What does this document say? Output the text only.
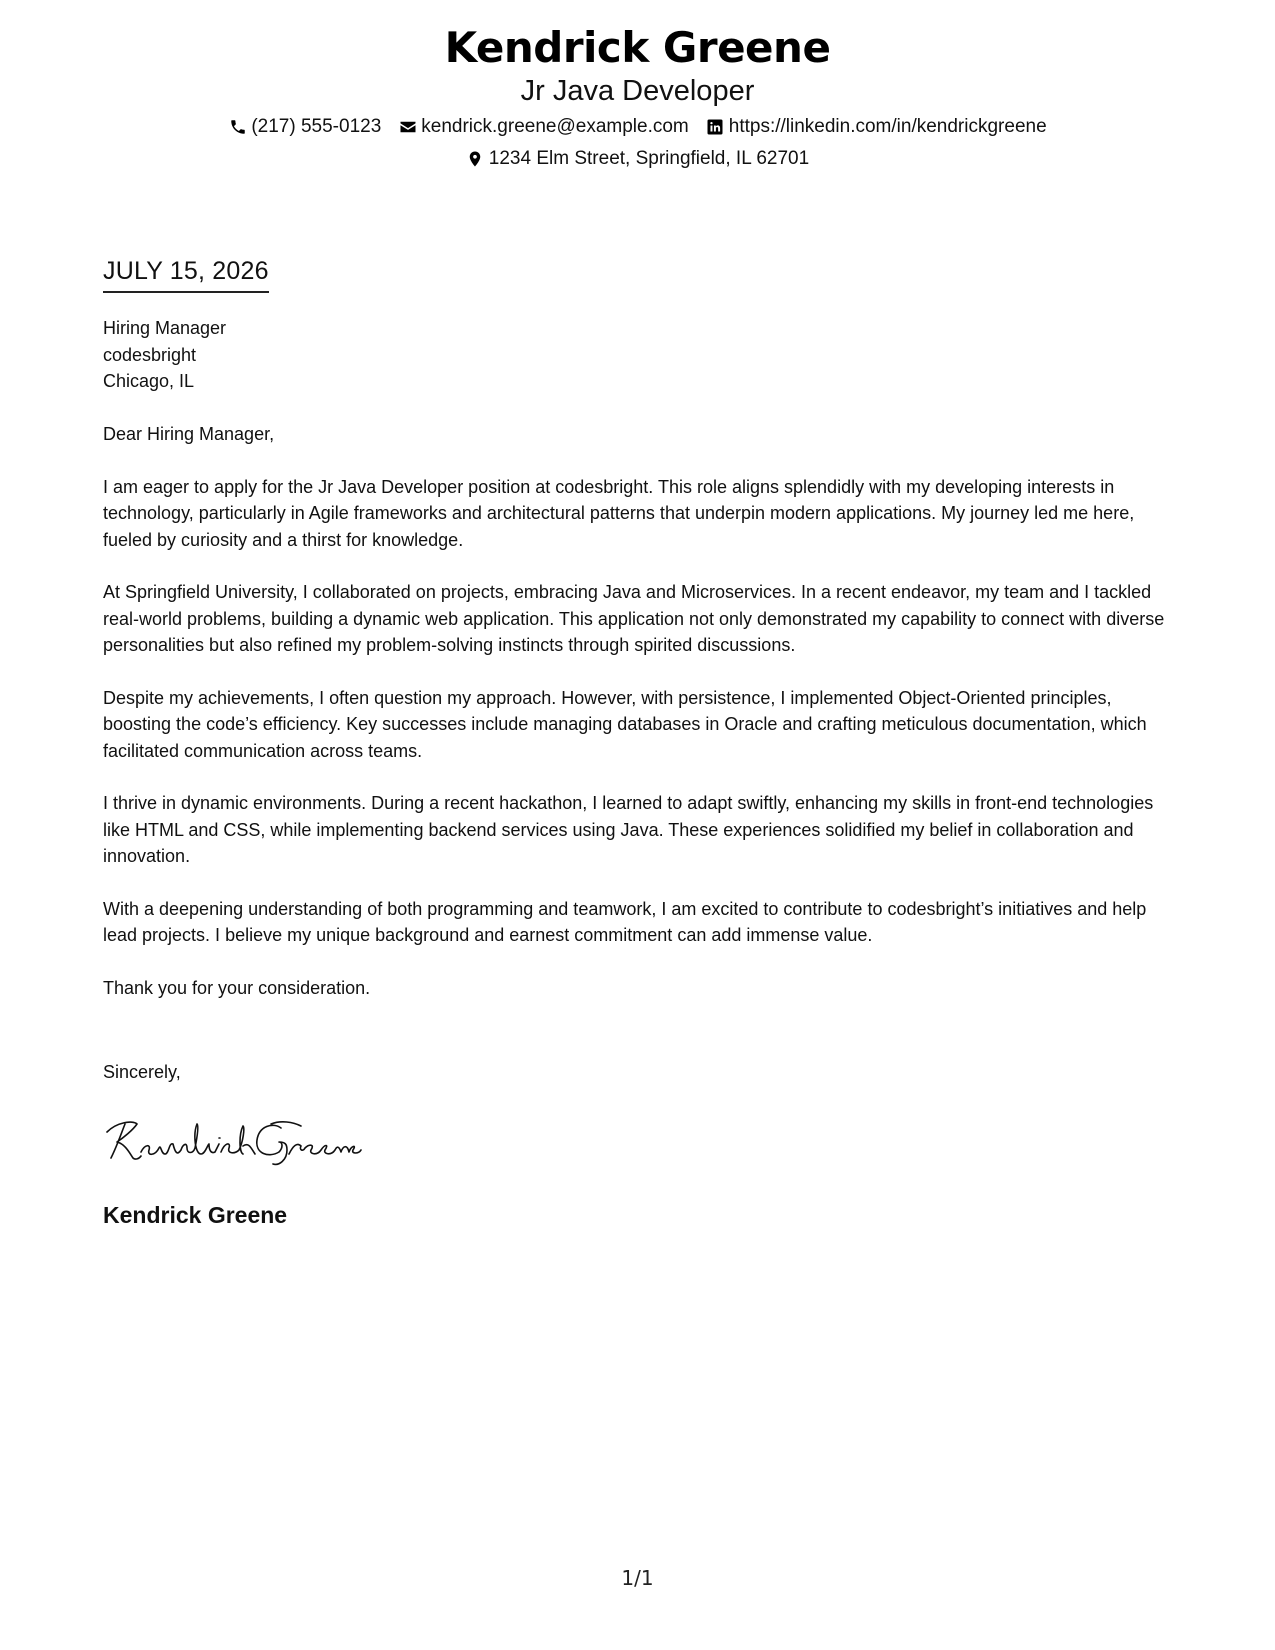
Kendrick Greene
Jr Java Developer
(217) 555-0123 kendrick.greene@example.com https://linkedin.com/in/kendrickgreene
1234 Elm Street, Springfield, IL 62701
JULY 15, 2026
Hiring Manager
codesbright
Chicago, IL

Dear Hiring Manager,

I am eager to apply for the Jr Java Developer position at codesbright. This role aligns splendidly with my developing interests in technology, particularly in Agile frameworks and architectural patterns that underpin modern applications. My journey led me here, fueled by curiosity and a thirst for knowledge.

At Springfield University, I collaborated on projects, embracing Java and Microservices. In a recent endeavor, my team and I tackled real-world problems, building a dynamic web application. This application not only demonstrated my capability to connect with diverse personalities but also refined my problem-solving instincts through spirited discussions.

Despite my achievements, I often question my approach. However, with persistence, I implemented Object-Oriented principles, boosting the code’s efficiency. Key successes include managing databases in Oracle and crafting meticulous documentation, which facilitated communication across teams.

I thrive in dynamic environments. During a recent hackathon, I learned to adapt swiftly, enhancing my skills in front-end technologies like HTML and CSS, while implementing backend services using Java. These experiences solidified my belief in collaboration and innovation.

With a deepening understanding of both programming and teamwork, I am excited to contribute to codesbright’s initiatives and help lead projects. I believe my unique background and earnest commitment can add immense value.

Thank you for your consideration.

Sincerely,
Kendrick Greene
1/1
